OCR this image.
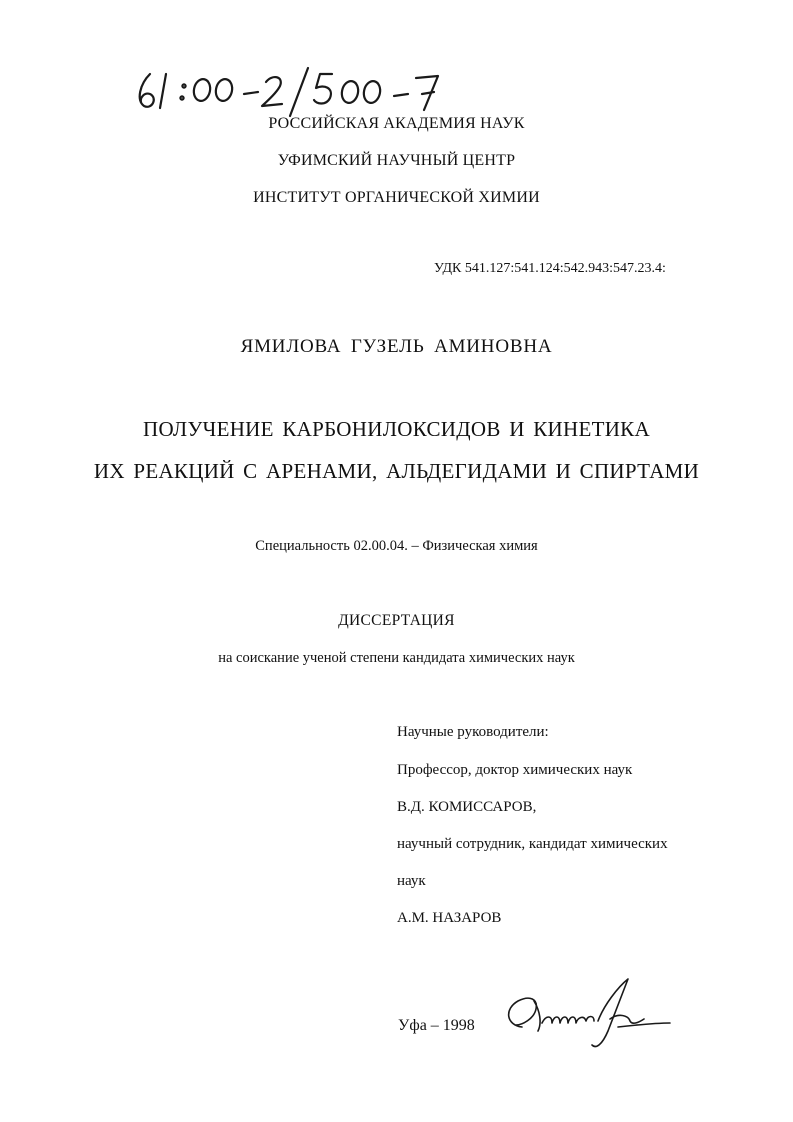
РОССИЙСКАЯ АКАДЕМИЯ НАУК
УФИМСКИЙ НАУЧНЫЙ ЦЕНТР
ИНСТИТУТ ОРГАНИЧЕСКОЙ ХИМИИ
УДК 541.127:541.124:542.943:547.23.4:
ЯМИЛОВА ГУЗЕЛЬ АМИНОВНА
ПОЛУЧЕНИЕ КАРБОНИЛОКСИДОВ И КИНЕТИКА
ИХ РЕАКЦИЙ С АРЕНАМИ, АЛЬДЕГИДАМИ И СПИРТАМИ
Специальность 02.00.04. – Физическая химия
ДИССЕРТАЦИЯ
на соискание ученой степени кандидата химических наук
Научные руководители:
Профессор, доктор химических наук
В.Д. КОМИССАРОВ,
научный сотрудник, кандидат химических
наук
А.М. НАЗАРОВ
Уфа – 1998
